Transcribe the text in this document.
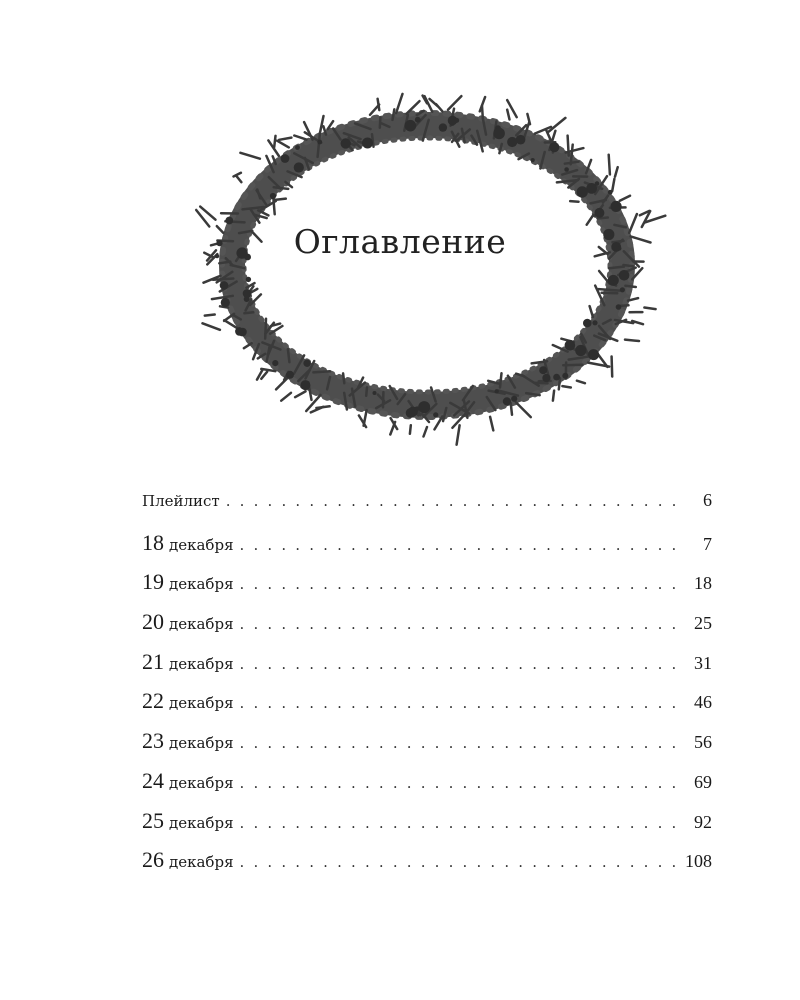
Оглавление
Плейлист . . .	6
18 декабря . . .	7
19 декабря . . .	18
20 декабря . . .	25
21 декабря . . .	31
22 декабря . . .	46
23 декабря . . .	56
24 декабря . . .	69
25 декабря . . .	92
26 декабря . . .	108
